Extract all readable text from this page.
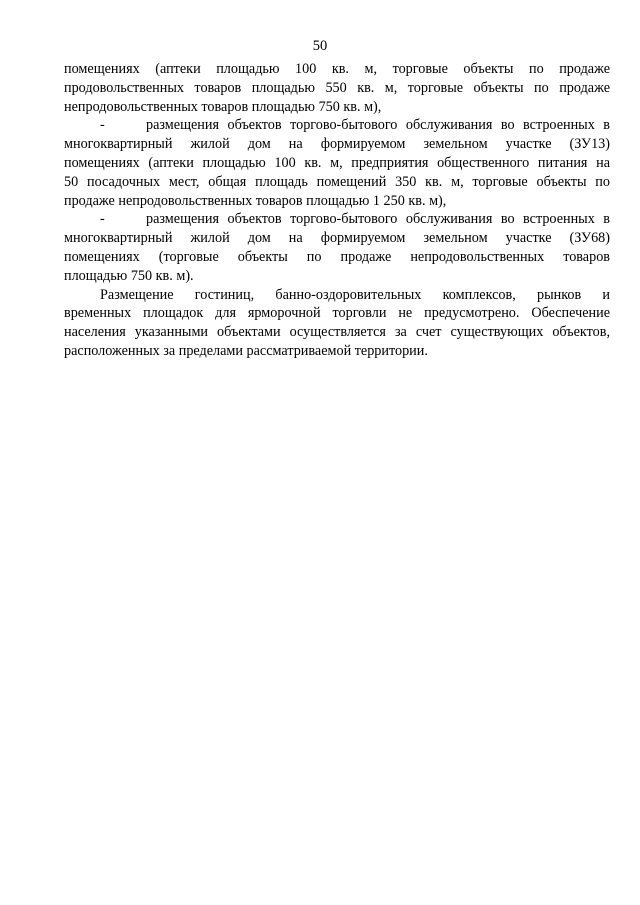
50
помещениях (аптеки площадью 100 кв. м, торговые объекты по продаже
продовольственных товаров площадью 550 кв. м, торговые объекты по продаже
непродовольственных товаров площадью 750 кв. м),
-	размещения объектов торгово-бытового обслуживания во встроенных в
многоквартирный жилой дом на формируемом земельном участке (ЗУ13)
помещениях (аптеки площадью 100 кв. м, предприятия общественного питания на
50 посадочных мест, общая площадь помещений 350 кв. м, торговые объекты по
продаже непродовольственных товаров площадью 1 250 кв. м),
-	размещения объектов торгово-бытового обслуживания во встроенных в
многоквартирный жилой дом на формируемом земельном участке (ЗУ68)
помещениях (торговые объекты по продаже непродовольственных товаров
площадью 750 кв. м).
Размещение гостиниц, банно-оздоровительных комплексов, рынков и
временных площадок для ярморочной торговли не предусмотрено. Обеспечение
населения указанными объектами осуществляется за счет существующих объектов,
расположенных за пределами рассматриваемой территории.
